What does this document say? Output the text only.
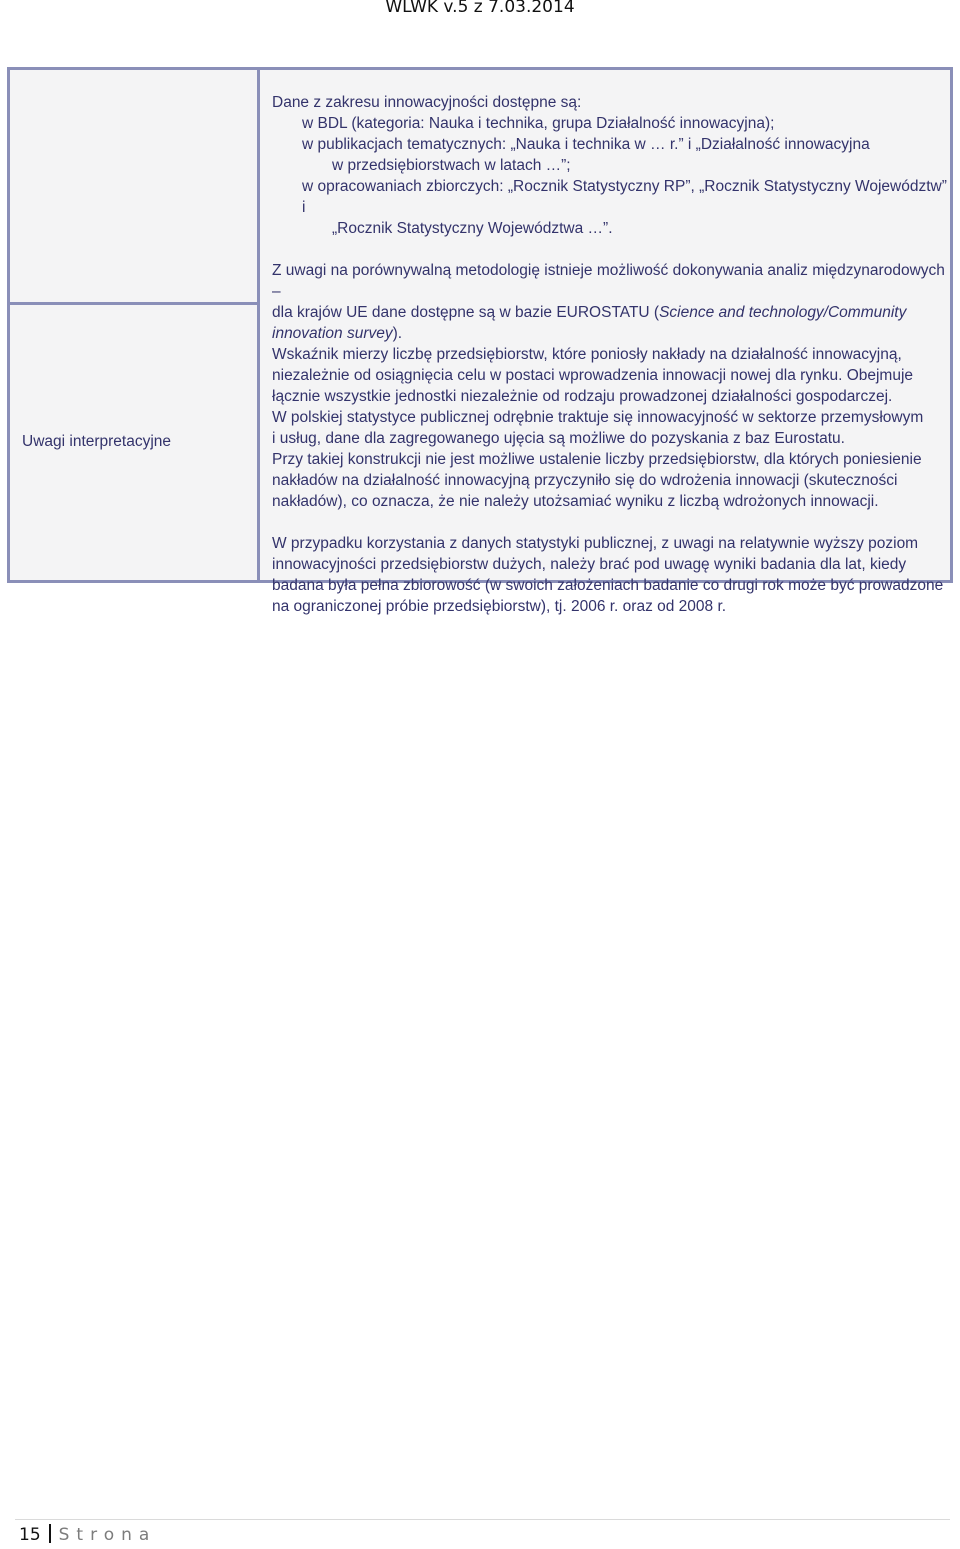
WLWK v.5 z 7.03.2014
Uwagi interpretacyjne

Dane z zakresu innowacyjności dostępne są:

w BDL (kategoria: Nauka i technika, grupa Działalność innowacyjna);

w publikacjach tematycznych: „Nauka i technika w … r.” i „Działalność innowacyjna

w przedsiębiorstwach w latach …”;

w opracowaniach zbiorczych: „Rocznik Statystyczny RP”, „Rocznik Statystyczny Województw” i

„Rocznik Statystyczny Województwa …”.

Z uwagi na porównywalną metodologię istnieje możliwość dokonywania analiz międzynarodowych –
dla krajów UE dane dostępne są w bazie EUROSTATU (Science and technology/Community
innovation survey).

Wskaźnik mierzy liczbę przedsiębiorstw, które poniosły nakłady na działalność innowacyjną,
niezależnie od osiągnięcia celu w postaci wprowadzenia innowacji nowej dla rynku. Obejmuje
łącznie wszystkie jednostki niezależnie od rodzaju prowadzonej działalności gospodarczej.

W polskiej statystyce publicznej odrębnie traktuje się innowacyjność w sektorze przemysłowym
i usług, dane dla zagregowanego ujęcia są możliwe do pozyskania z baz Eurostatu.

Przy takiej konstrukcji nie jest możliwe ustalenie liczby przedsiębiorstw, dla których poniesienie
nakładów na działalność innowacyjną przyczyniło się do wdrożenia innowacji (skuteczności
nakładów), co oznacza, że nie należy utożsamiać wyniku z liczbą wdrożonych innowacji.

W przypadku korzystania z danych statystyki publicznej, z uwagi na relatywnie wyższy poziom
innowacyjności przedsiębiorstw dużych, należy brać pod uwagę wyniki badania dla lat, kiedy
badana była pełna zbiorowość (w swoich założeniach badanie co drugi rok może być prowadzone
na ograniczonej próbie przedsiębiorstw), tj. 2006 r. oraz od 2008 r.

15 Strona
